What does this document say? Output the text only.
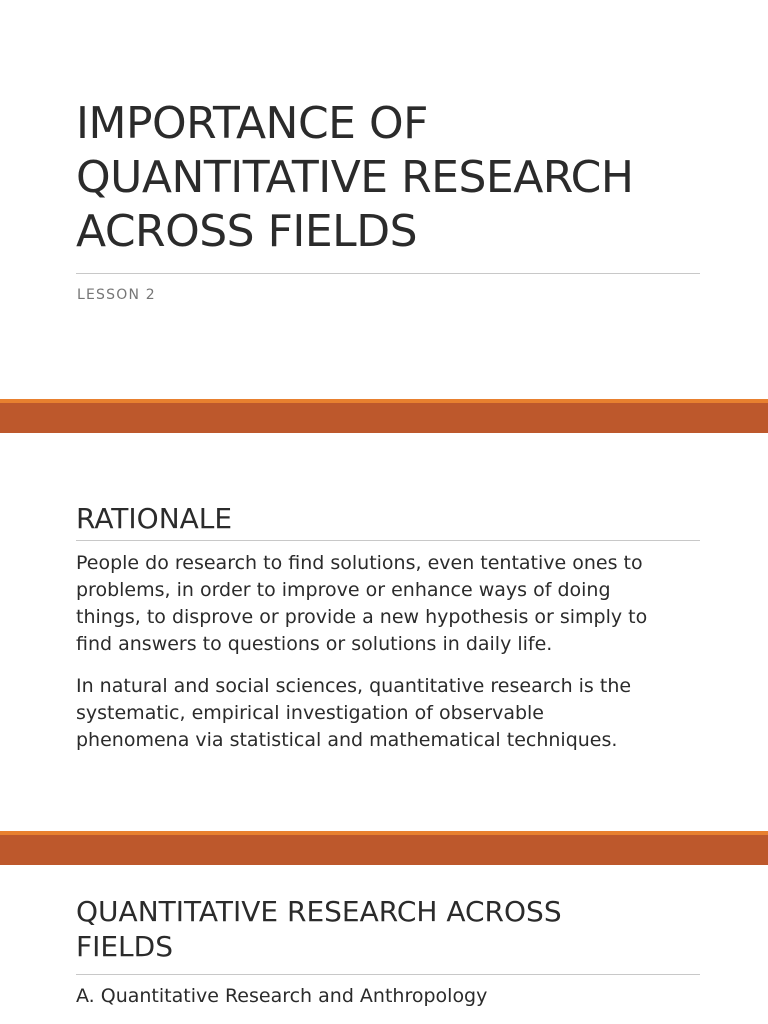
IMPORTANCE OF
QUANTITATIVE RESEARCH
ACROSS FIELDS
LESSON 2
RATIONALE

People do research to find solutions, even tentative ones to
problems, in order to improve or enhance ways of doing
things, to disprove or provide a new hypothesis or simply to
find answers to questions or solutions in daily life.

In natural and social sciences, quantitative research is the
systematic, empirical investigation of observable
phenomena via statistical and mathematical techniques.

QUANTITATIVE RESEARCH ACROSS
FIELDS

A. Quantitative Research and Anthropology
